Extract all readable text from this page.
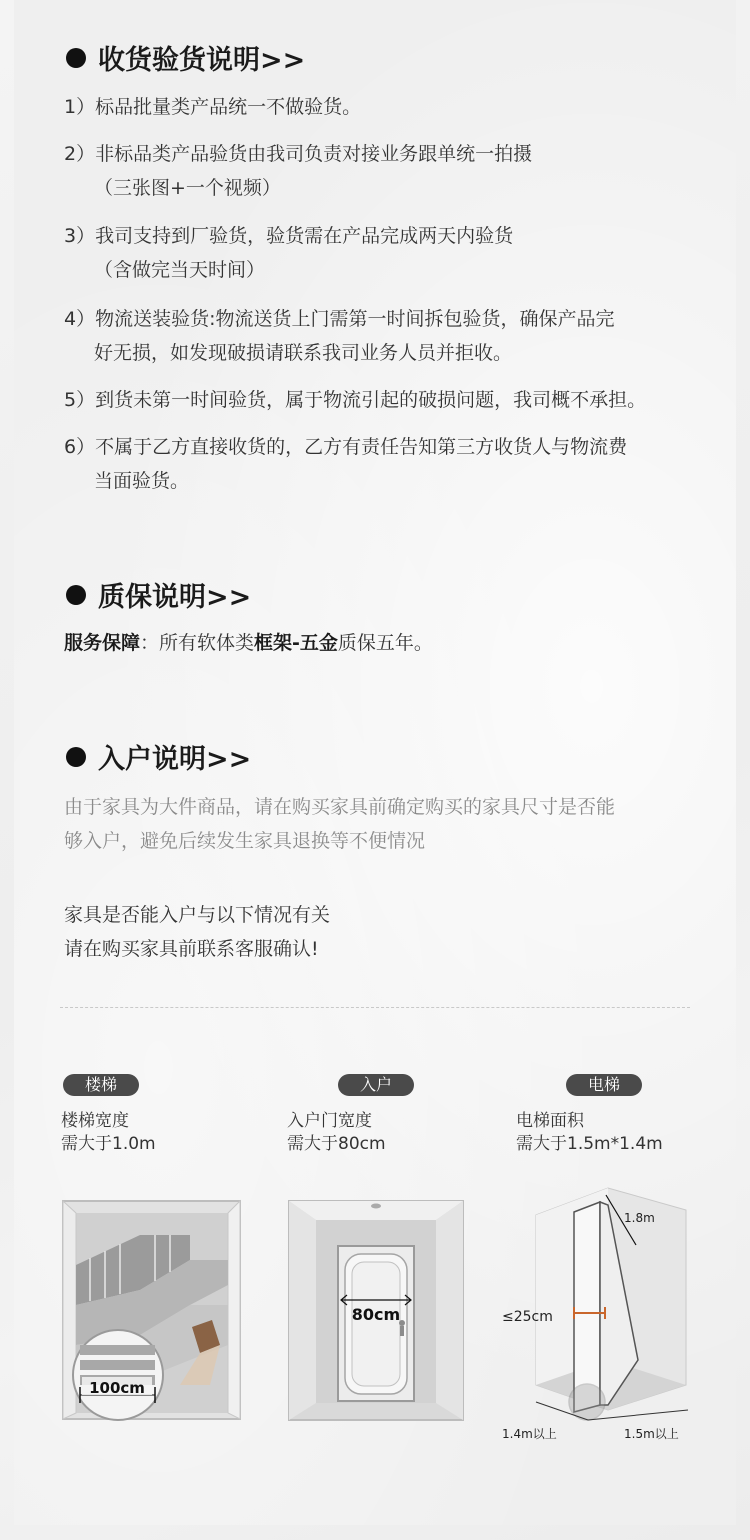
收货验货说明>>
1）标品批量类产品统一不做验货。
2）非标品类产品验货由我司负责对接业务跟单统一拍摄
（三张图+一个视频）
3）我司支持到厂验货，验货需在产品完成两天内验货
（含做完当天时间）
4）物流送装验货:物流送货上门需第一时间拆包验货，确保产品完
好无损，如发现破损请联系我司业务人员并拒收。
5）到货未第一时间验货，属于物流引起的破损问题，我司概不承担。
6）不属于乙方直接收货的，乙方有责任告知第三方收货人与物流费
当面验货。
质保说明>>
服务保障：所有软体类框架-五金质保五年。
入户说明>>
由于家具为大件商品，请在购买家具前确定购买的家具尺寸是否能
够入户，避免后续发生家具退换等不便情况
家具是否能入户与以下情况有关
请在购买家具前联系客服确认!
楼梯
楼梯宽度
需大于1.0m
入户
入户门宽度
需大于80cm
电梯
电梯面积
需大于1.5m*1.4m
100cm
80cm
1.8m
≤25cm
1.4m以上	1.5m以上
